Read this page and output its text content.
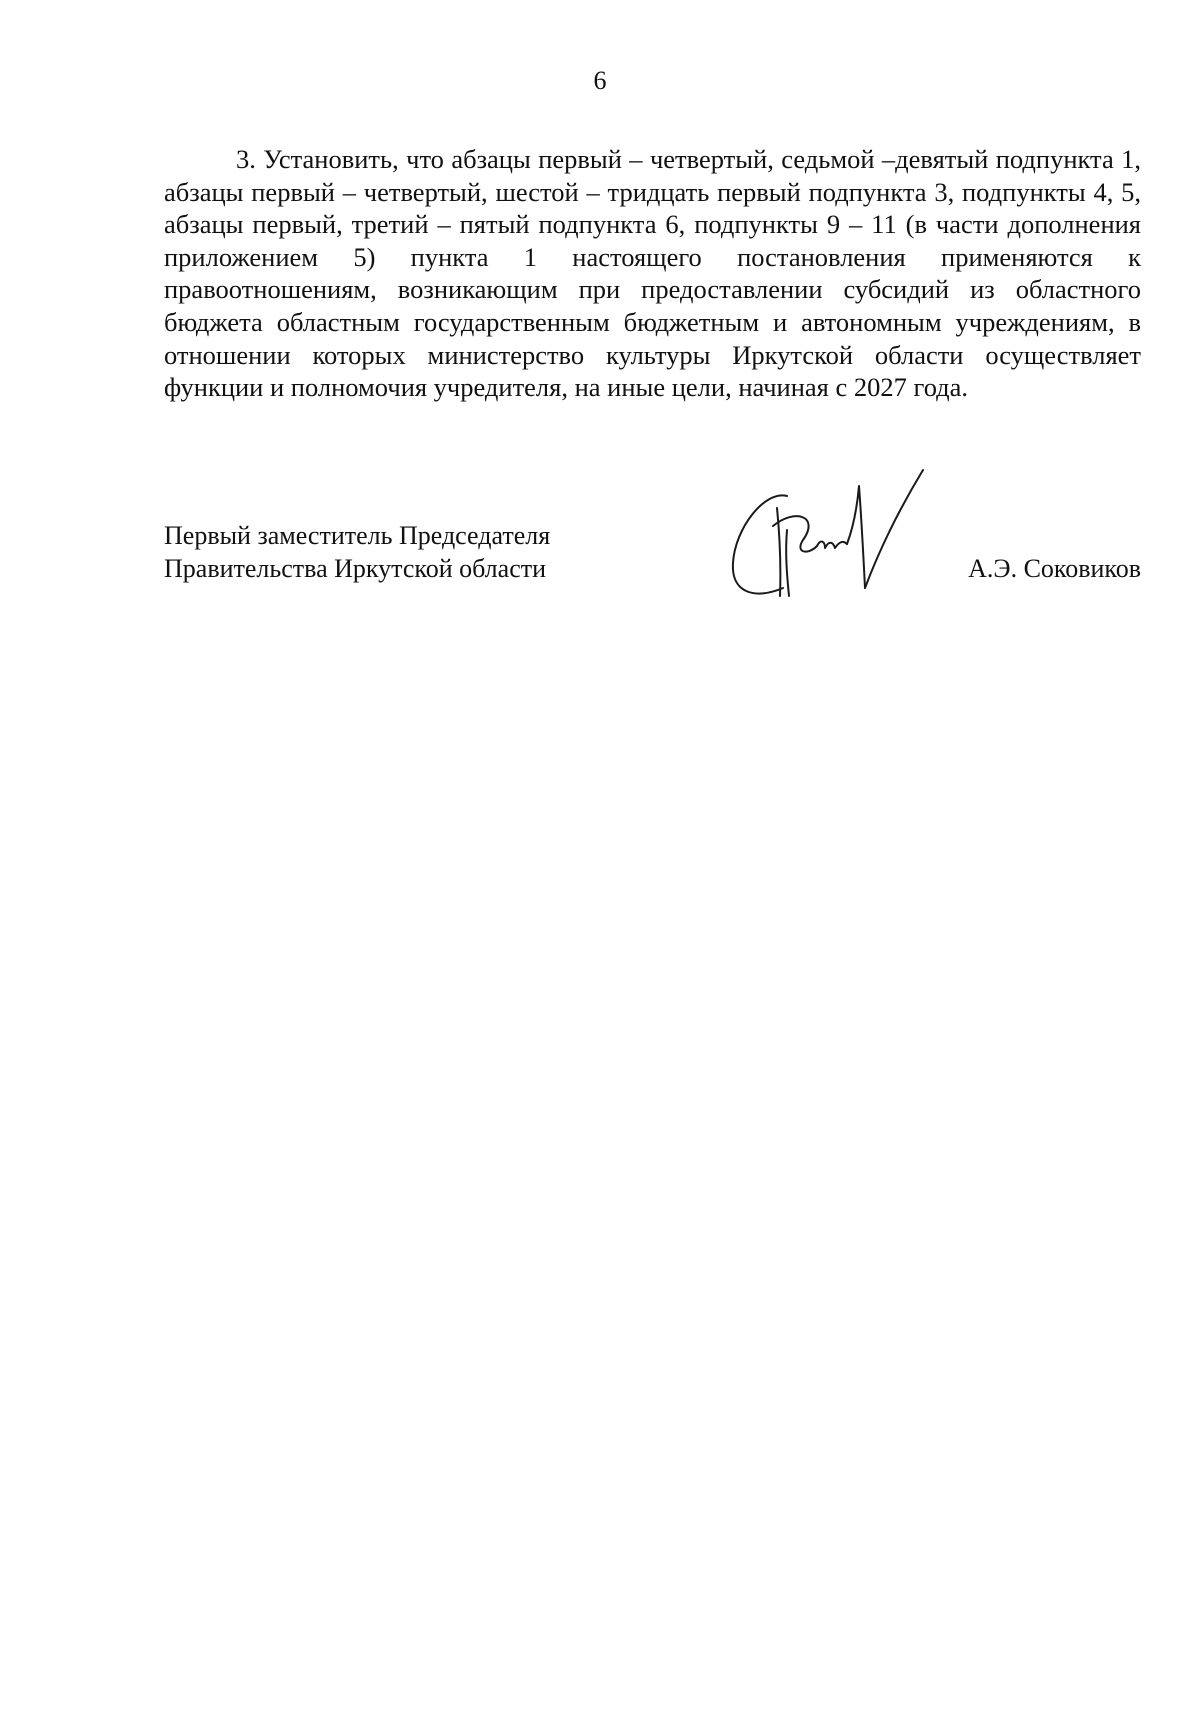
6

3. Установить, что абзацы первый – четвертый, седьмой –девятый подпункта 1, абзацы первый – четвертый, шестой – тридцать первый подпункта 3, подпункты 4, 5, абзацы первый, третий – пятый подпункта 6, подпункты 9 – 11 (в части дополнения приложением 5) пункта 1 настоящего постановления применяются к правоотношениям, возникающим при предоставлении субсидий из областного бюджета областным государственным бюджетным и автономным учреждениям, в отношении которых министерство культуры Иркутской области осуществляет функции и полномочия учредителя, на иные цели, начиная с 2027 года.

Первый заместитель Председателя
Правительства Иркутской области	А.Э. Соковиков
